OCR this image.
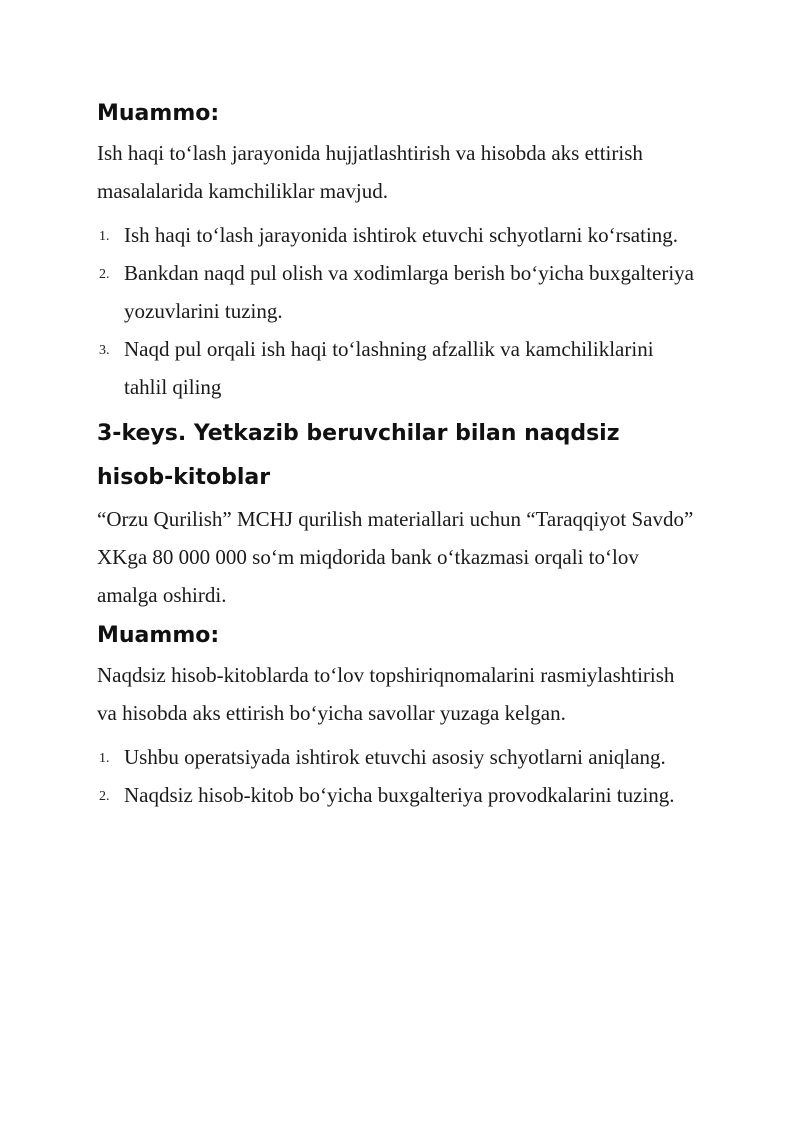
Muammo:

Ish haqi to‘lash jarayonida hujjatlashtirish va hisobda aks ettirish masalalarida kamchiliklar mavjud.

1. Ish haqi to‘lash jarayonida ishtirok etuvchi schyotlarni ko‘rsating.
2. Bankdan naqd pul olish va xodimlarga berish bo‘yicha buxgalteriya yozuvlarini tuzing.
3. Naqd pul orqali ish haqi to‘lashning afzallik va kamchiliklarini tahlil qiling
3-keys. Yetkazib beruvchilar bilan naqdsiz hisob-kitoblar

“Orzu Qurilish” MCHJ qurilish materiallari uchun “Taraqqiyot Savdo” XKga 80 000 000 so‘m miqdorida bank o‘tkazmasi orqali to‘lov amalga oshirdi.

Muammo:

Naqdsiz hisob-kitoblarda to‘lov topshiriqnomalarini rasmiylashtirish va hisobda aks ettirish bo‘yicha savollar yuzaga kelgan.

1. Ushbu operatsiyada ishtirok etuvchi asosiy schyotlarni aniqlang.
2. Naqdsiz hisob-kitob bo‘yicha buxgalteriya provodkalarini tuzing.
